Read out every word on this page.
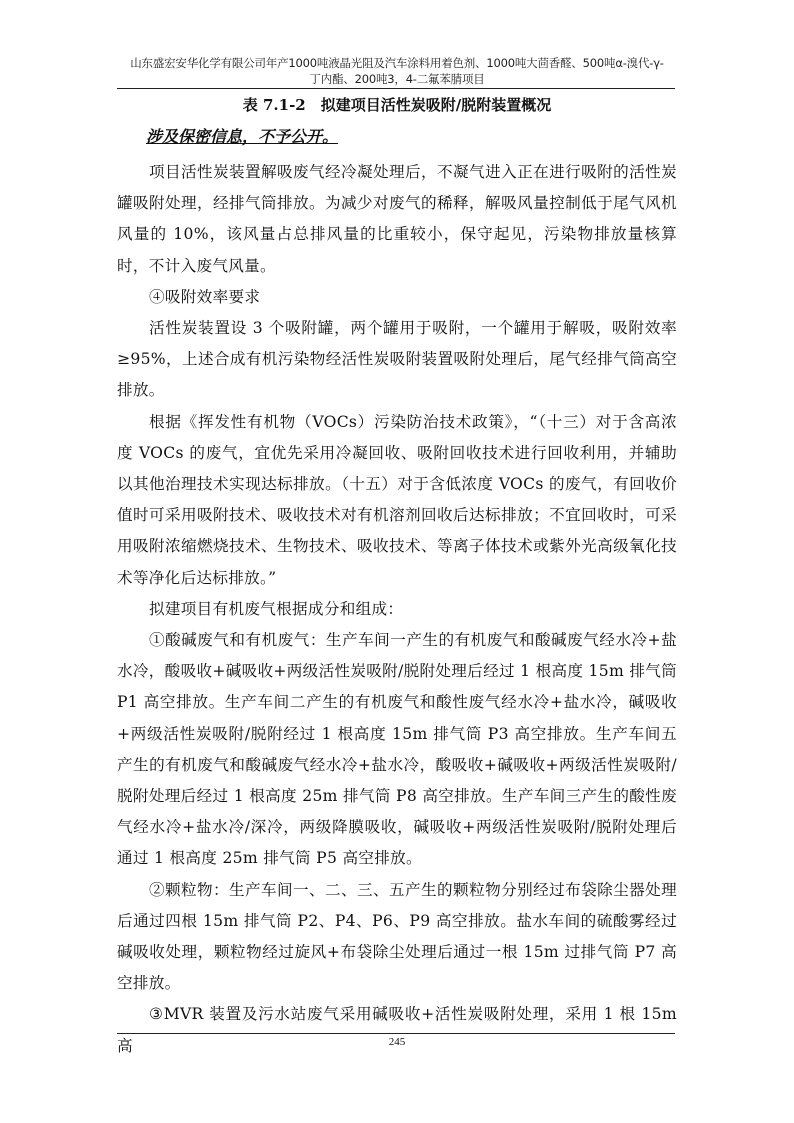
山东盛宏安华化学有限公司年产1000吨液晶光阻及汽车涂料用着色剂、1000吨大茴香醛、500吨α-溴代-γ-
丁内酯、200吨3，4-二氟苯腈项目
表 7.1-2　拟建项目活性炭吸附/脱附装置概况
涉及保密信息，不予公开。

项目活性炭装置解吸废气经冷凝处理后，不凝气进入正在进行吸附的活性炭罐吸附处理，经排气筒排放。为减少对废气的稀释，解吸风量控制低于尾气风机风量的 10%，该风量占总排风量的比重较小，保守起见，污染物排放量核算时，不计入废气风量。

④吸附效率要求

活性炭装置设 3 个吸附罐，两个罐用于吸附，一个罐用于解吸，吸附效率≥95%，上述合成有机污染物经活性炭吸附装置吸附处理后，尾气经排气筒高空排放。

根据《挥发性有机物（VOCs）污染防治技术政策》，“（十三）对于含高浓度 VOCs 的废气，宜优先采用冷凝回收、吸附回收技术进行回收利用，并辅助以其他治理技术实现达标排放。（十五）对于含低浓度 VOCs 的废气，有回收价值时可采用吸附技术、吸收技术对有机溶剂回收后达标排放；不宜回收时，可采用吸附浓缩燃烧技术、生物技术、吸收技术、等离子体技术或紫外光高级氧化技术等净化后达标排放。”

拟建项目有机废气根据成分和组成：

①酸碱废气和有机废气：生产车间一产生的有机废气和酸碱废气经水冷+盐水冷，酸吸收+碱吸收+两级活性炭吸附/脱附处理后经过 1 根高度 15m 排气筒 P1 高空排放。生产车间二产生的有机废气和酸性废气经水冷+盐水冷，碱吸收+两级活性炭吸附/脱附经过 1 根高度 15m 排气筒 P3 高空排放。生产车间五产生的有机废气和酸碱废气经水冷+盐水冷，酸吸收+碱吸收+两级活性炭吸附/脱附处理后经过 1 根高度 25m 排气筒 P8 高空排放。生产车间三产生的酸性废气经水冷+盐水冷/深冷，两级降膜吸收，碱吸收+两级活性炭吸附/脱附处理后通过 1 根高度 25m 排气筒 P5 高空排放。

②颗粒物：生产车间一、二、三、五产生的颗粒物分别经过布袋除尘器处理后通过四根 15m 排气筒 P2、P4、P6、P9 高空排放。盐水车间的硫酸雾经过碱吸收处理，颗粒物经过旋风+布袋除尘处理后通过一根 15m 过排气筒 P7 高空排放。

③MVR 装置及污水站废气采用碱吸收+活性炭吸附处理，采用 1 根 15m 高	245
